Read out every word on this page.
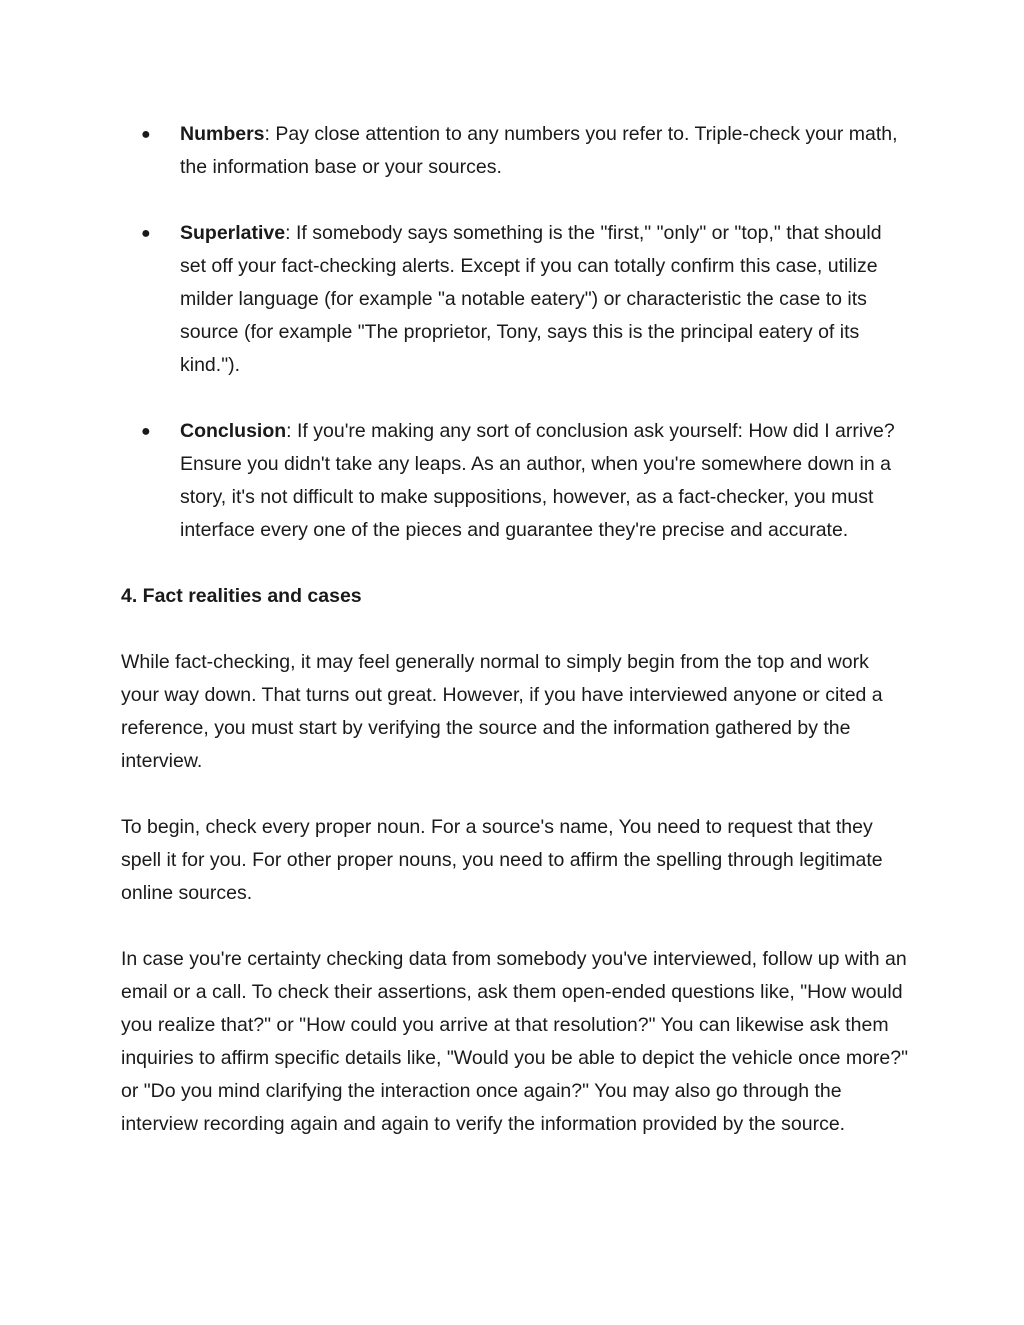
● Numbers: Pay close attention to any numbers you refer to. Triple-check your math, the information base or your sources.
● Superlative: If somebody says something is the "first," "only" or "top," that should set off your fact-checking alerts. Except if you can totally confirm this case, utilize milder language (for example "a notable eatery") or characteristic the case to its source (for example "The proprietor, Tony, says this is the principal eatery of its kind.").
● Conclusion: If you're making any sort of conclusion ask yourself: How did I arrive? Ensure you didn't take any leaps. As an author, when you're somewhere down in a story, it's not difficult to make suppositions, however, as a fact-checker, you must interface every one of the pieces and guarantee they're precise and accurate.
4. Fact realities and cases

While fact-checking, it may feel generally normal to simply begin from the top and work your way down. That turns out great. However, if you have interviewed anyone or cited a reference, you must start by verifying the source and the information gathered by the interview.

To begin, check every proper noun. For a source's name, You need to request that they spell it for you. For other proper nouns, you need to affirm the spelling through legitimate online sources.

In case you're certainty checking data from somebody you've interviewed, follow up with an email or a call. To check their assertions, ask them open-ended questions like, "How would you realize that?" or "How could you arrive at that resolution?" You can likewise ask them inquiries to affirm specific details like, "Would you be able to depict the vehicle once more?" or "Do you mind clarifying the interaction once again?" You may also go through the interview recording again and again to verify the information provided by the source.
